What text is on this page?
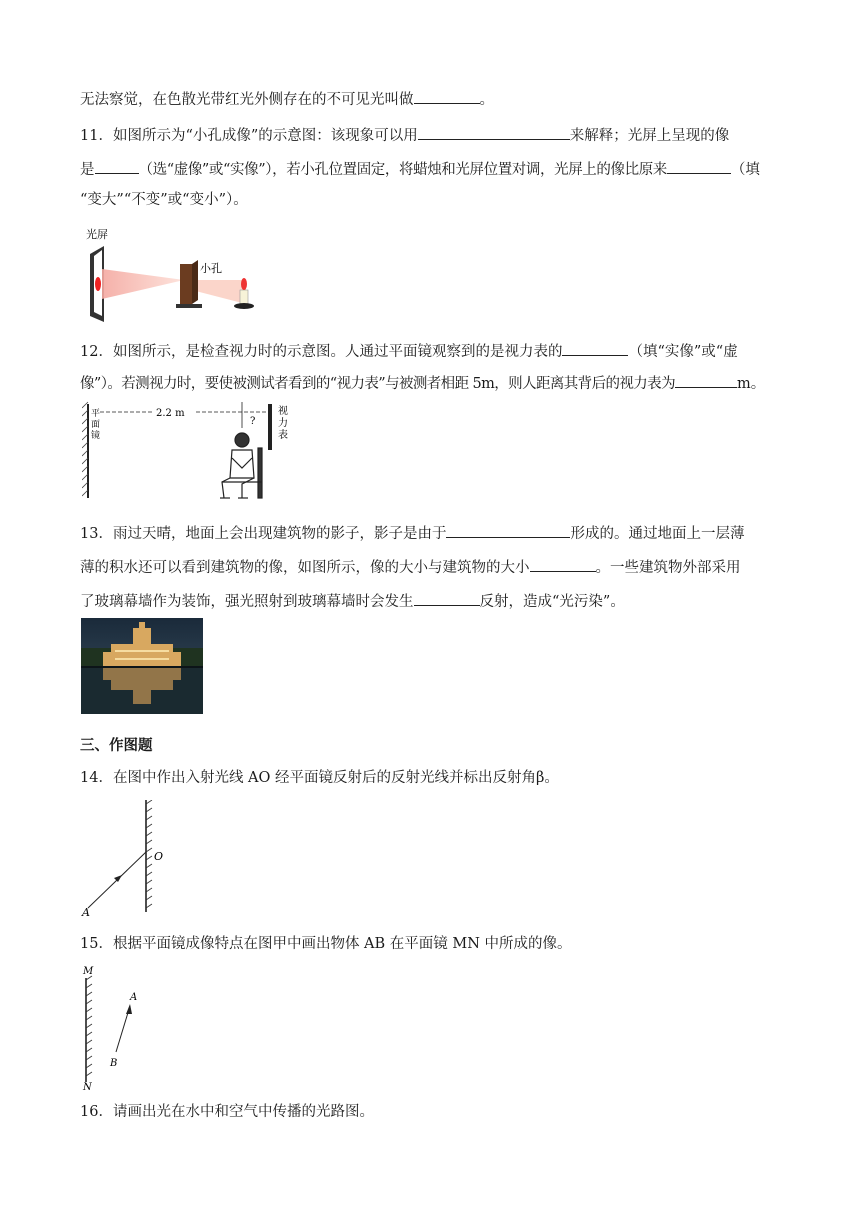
无法察觉，在色散光带红光外侧存在的不可见光叫做	。
11．如图所示为“小孔成像”的示意图：该现象可以用	来解释；光屏上呈现的像
是	（选“虚像”或“实像”），若小孔位置固定，将蜡烛和光屏位置对调，光屏上的像比原来	（填
“变大”“不变”或“变小”）。
光屏
小孔
12．如图所示，是检查视力时的示意图。人通过平面镜观察到的是视力表的	（填“实像”或“虚
像”）。若测视力时，要使被测试者看到的“视力表”与被测者相距 5m，则人距离其背后的视力表为	m。
平面镜
2.2 m
?
视力表
13．雨过天晴，地面上会出现建筑物的影子，影子是由于	形成的。通过地面上一层薄
薄的积水还可以看到建筑物的像，如图所示，像的大小与建筑物的大小	。一些建筑物外部采用
了玻璃幕墙作为装饰，强光照射到玻璃幕墙时会发生	反射，造成“光污染”。
三、作图题
14．在图中作出入射光线 AO 经平面镜反射后的反射光线并标出反射角β。
O
A
15．根据平面镜成像特点在图甲中画出物体 AB 在平面镜 MN 中所成的像。
M
N
A
B
16．请画出光在水中和空气中传播的光路图。
